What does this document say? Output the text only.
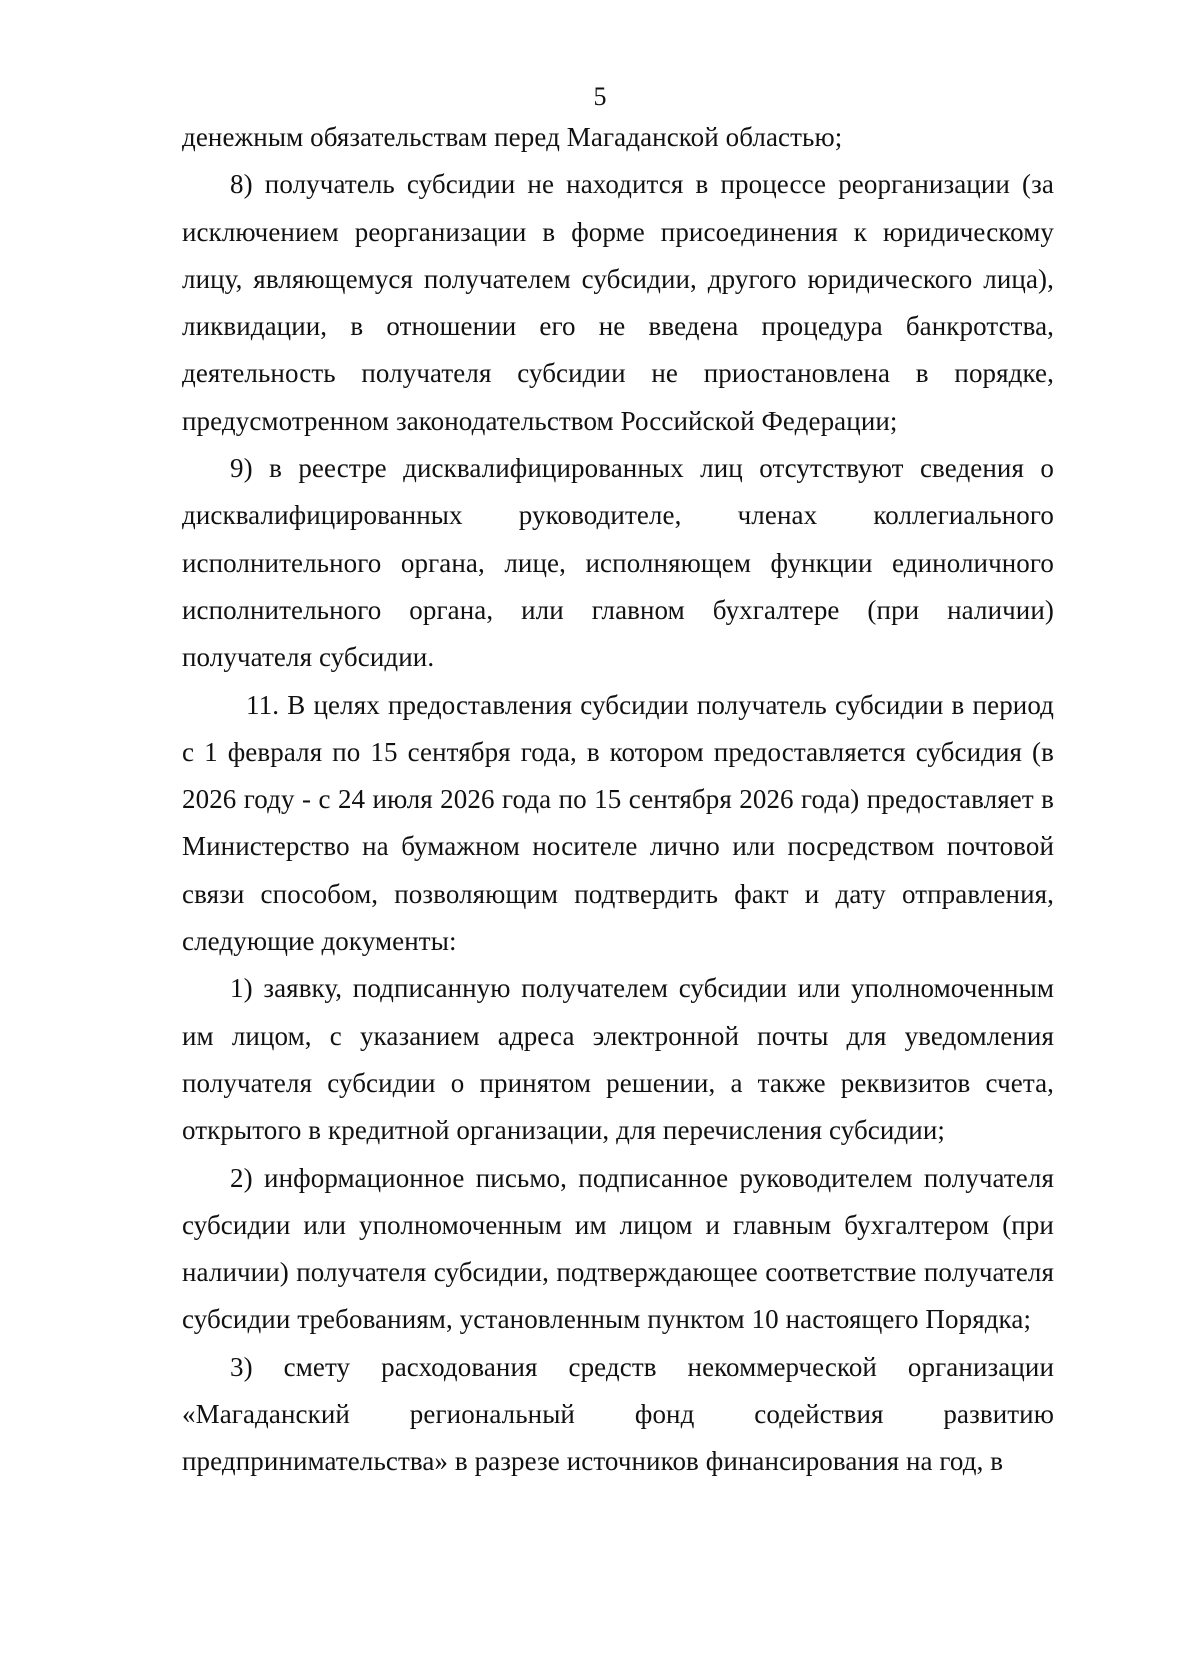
5

денежным обязательствам перед Магаданской областью;

8) получатель субсидии не находится в процессе реорганизации (за исключением реорганизации в форме присоединения к юридическому лицу, являющемуся получателем субсидии, другого юридического лица), ликвидации, в отношении его не введена процедура банкротства, деятельность получателя субсидии не приостановлена в порядке, предусмотренном законодательством Российской Федерации;

9) в реестре дисквалифицированных лиц отсутствуют сведения о дисквалифицированных руководителе, членах коллегиального исполнительного органа, лице, исполняющем функции единоличного исполнительного органа, или главном бухгалтере (при наличии) получателя субсидии.

11. В целях предоставления субсидии получатель субсидии в период с 1 февраля по 15 сентября года, в котором предоставляется субсидия (в 2026 году - с 24 июля 2026 года по 15 сентября 2026 года) предоставляет в Министерство на бумажном носителе лично или посредством почтовой связи способом, позволяющим подтвердить факт и дату отправления, следующие документы:

1) заявку, подписанную получателем субсидии или уполномоченным им лицом, с указанием адреса электронной почты для уведомления получателя субсидии о принятом решении, а также реквизитов счета, открытого в кредитной организации, для перечисления субсидии;

2) информационное письмо, подписанное руководителем получателя субсидии или уполномоченным им лицом и главным бухгалтером (при наличии) получателя субсидии, подтверждающее соответствие получателя субсидии требованиям, установленным пунктом 10 настоящего Порядка;

3) смету расходования средств некоммерческой организации «Магаданский региональный фонд содействия развитию предпринимательства» в разрезе источников финансирования на год, в
